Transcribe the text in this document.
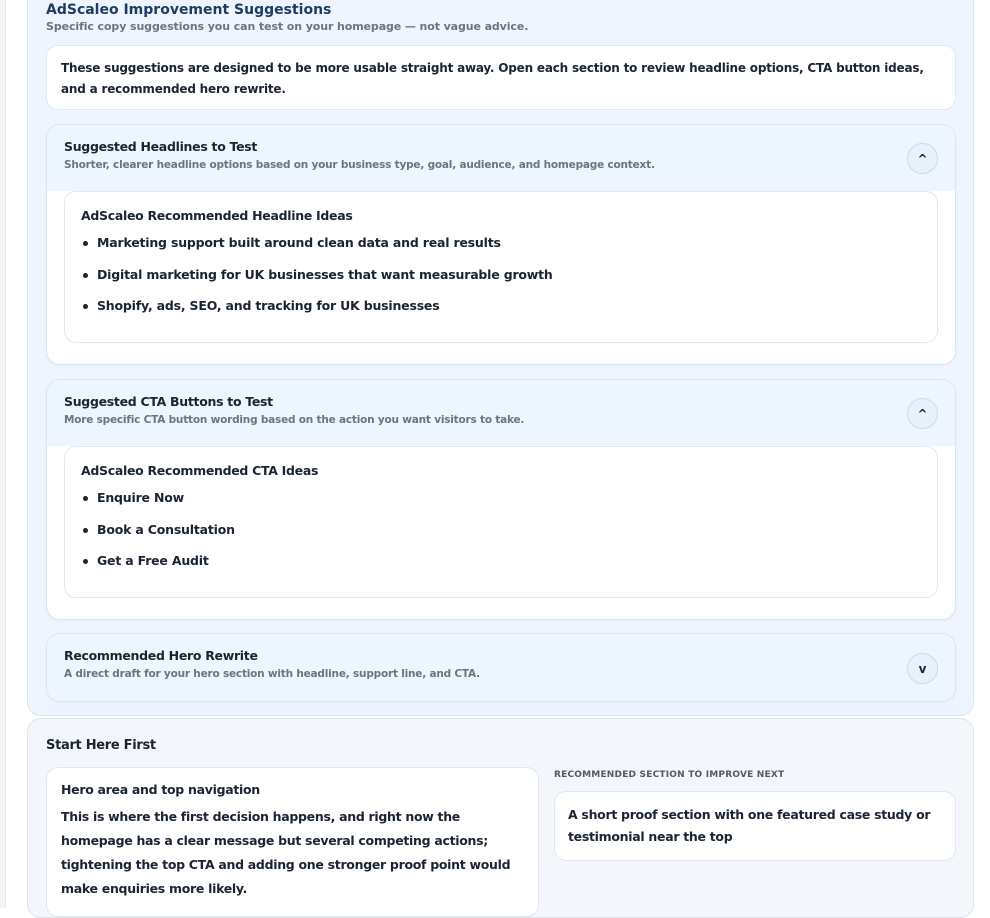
AdScaleo Improvement Suggestions
Specific copy suggestions you can test on your homepage — not vague advice.
These suggestions are designed to be more usable straight away. Open each section to review headline options, CTA button ideas, and a recommended hero rewrite.
Suggested Headlines to Test
Shorter, clearer headline options based on your business type, goal, audience, and homepage context.	^
AdScaleo Recommended Headline Ideas
Marketing support built around clean data and real results
Digital marketing for UK businesses that want measurable growth
Shopify, ads, SEO, and tracking for UK businesses
Suggested CTA Buttons to Test
More specific CTA button wording based on the action you want visitors to take.	^
AdScaleo Recommended CTA Ideas
Enquire Now
Book a Consultation
Get a Free Audit
Recommended Hero Rewrite
A direct draft for your hero section with headline, support line, and CTA.	v
Start Here First
Hero area and top navigation

This is where the first decision happens, and right now the homepage has a clear message but several competing actions; tightening the top CTA and adding one stronger proof point would make enquiries more likely.

RECOMMENDED SECTION TO IMPROVE NEXT
A short proof section with one featured case study or testimonial near the top
